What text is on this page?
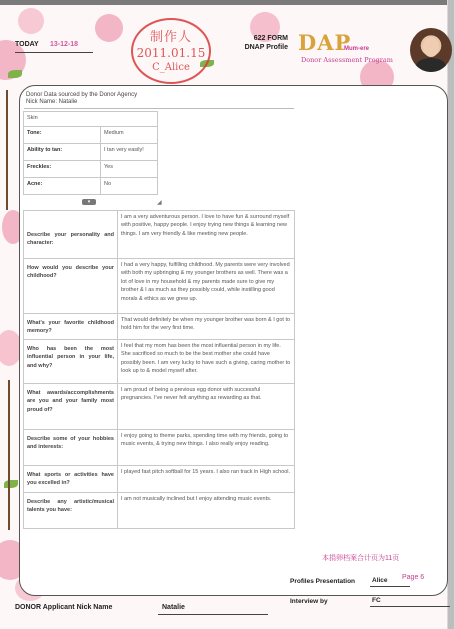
TODAY 13-12-18	制作人
2011.01.15
C_Alice
622 FORM
DNAP Profile DAP
Mum-ere
Donor Assessment Program
Donor Data sourced by the Donor Agency
Nick Name: Natalie
Skin	
Tone:	Medium
Ability to tan:	I tan very easily!
Freckles:	Yes
Acne:	No
▾	◢
Describe your personality and character:	I am a very adventurous person. I love to have fun & surround myself with positive, happy people. I enjoy trying new things & learning new things. I am very friendly & like meeting new people.
How would you describe your childhood?	I had a very happy, fulfilling childhood. My parents were very involved with both my upbringing & my younger brothers as well. There was a lot of love in my household & my parents made sure to give my brother & I as much as they possibly could, while instilling good morals & ethics as we grew up.
What's your favorite childhood memory?	That would definitely be when my younger brother was born & I got to hold him for the very first time.
Who has been the most influential person in your life, and why?	I feel that my mom has been the most influential person in my life. She sacrificed so much to be the best mother she could have possibly been. I am very lucky to have such a giving, caring mother to look up to & model myself after.
What awards/accomplishments are you and your family most proud of?	I am proud of being a previous egg donor with successful pregnancies. I've never felt anything as rewarding as that.
Describe some of your hobbies and interests:	I enjoy going to theme parks, spending time with my friends, going to music events, & trying new things. I also really enjoy reading.
What sports or activities have you excelled in?	I played fast pitch softball for 15 years. I also ran track in High school.
Describe any artistic/musical talents you have:	I am not musically inclined but I enjoy attending music events.
本捐卵档案合计页为11页
Page 6
Profiles Presentation	Alice
Interview by	FC
DONOR Applicant Nick Name	Natalie
